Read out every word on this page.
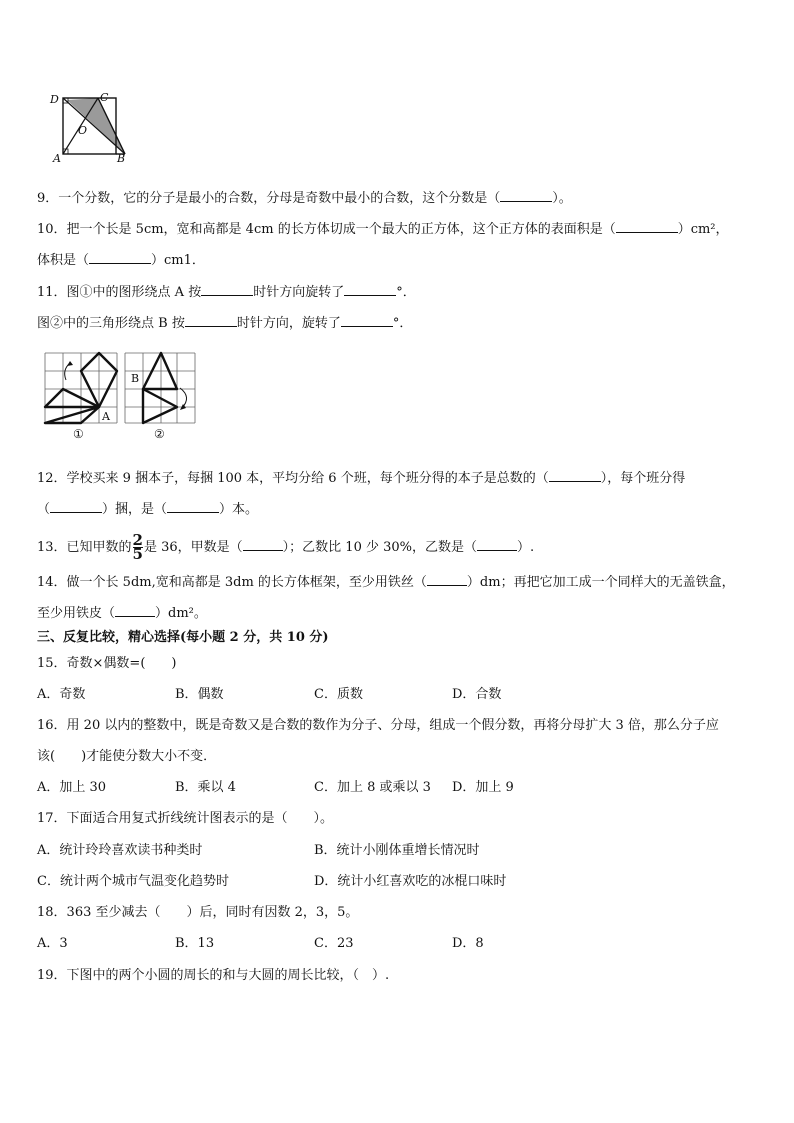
D	C
O
A	B
9．一个分数，它的分子是最小的合数，分母是奇数中最小的合数，这个分数是（	）。
10．把一个长是 5cm，宽和高都是 4cm 的长方体切成一个最大的正方体，这个正方体的表面积是（	）cm²，
体积是（	）cm1．
11．图①中的图形绕点 A 按	时针方向旋转了	°．
图②中的三角形绕点 B 按	时针方向，旋转了	°．
A
①
B
②
12．学校买来 9 捆本子，每捆 100 本，平均分给 6 个班，每个班分得的本子是总数的（	），每个班分得
（	）捆，是（	）本。
13．已知甲数的 $\frac{2}{5}$ 是 36，甲数是（	）；乙数比 10 少 30%，乙数是（	）.
14．做一个长 5dm,宽和高都是 3dm 的长方体框架，至少用铁丝（	）dm；再把它加工成一个同样大的无盖铁盒，
至少用铁皮（	）dm²。
三、反复比较，精心选择(每小题 2 分，共 10 分)
15．奇数×偶数=(　　)
A．奇数	B．偶数	C．质数	D．合数
16．用 20 以内的整数中，既是奇数又是合数的数作为分子、分母，组成一个假分数，再将分母扩大 3 倍，那么分子应
该(　　)才能使分数大小不变．
A．加上 30	B．乘以 4	C．加上 8 或乘以 3 D．加上 9
17．下面适合用复式折线统计图表示的是（　　）。
A．统计玲玲喜欢读书种类时	B．统计小刚体重增长情况时
C．统计两个城市气温变化趋势时	D．统计小红喜欢吃的冰棍口味时
18．363 至少减去（　　）后，同时有因数 2，3，5。
A．3	B．13	C．23	D．8
19．下图中的两个小圆的周长的和与大圆的周长比较，（　）.
